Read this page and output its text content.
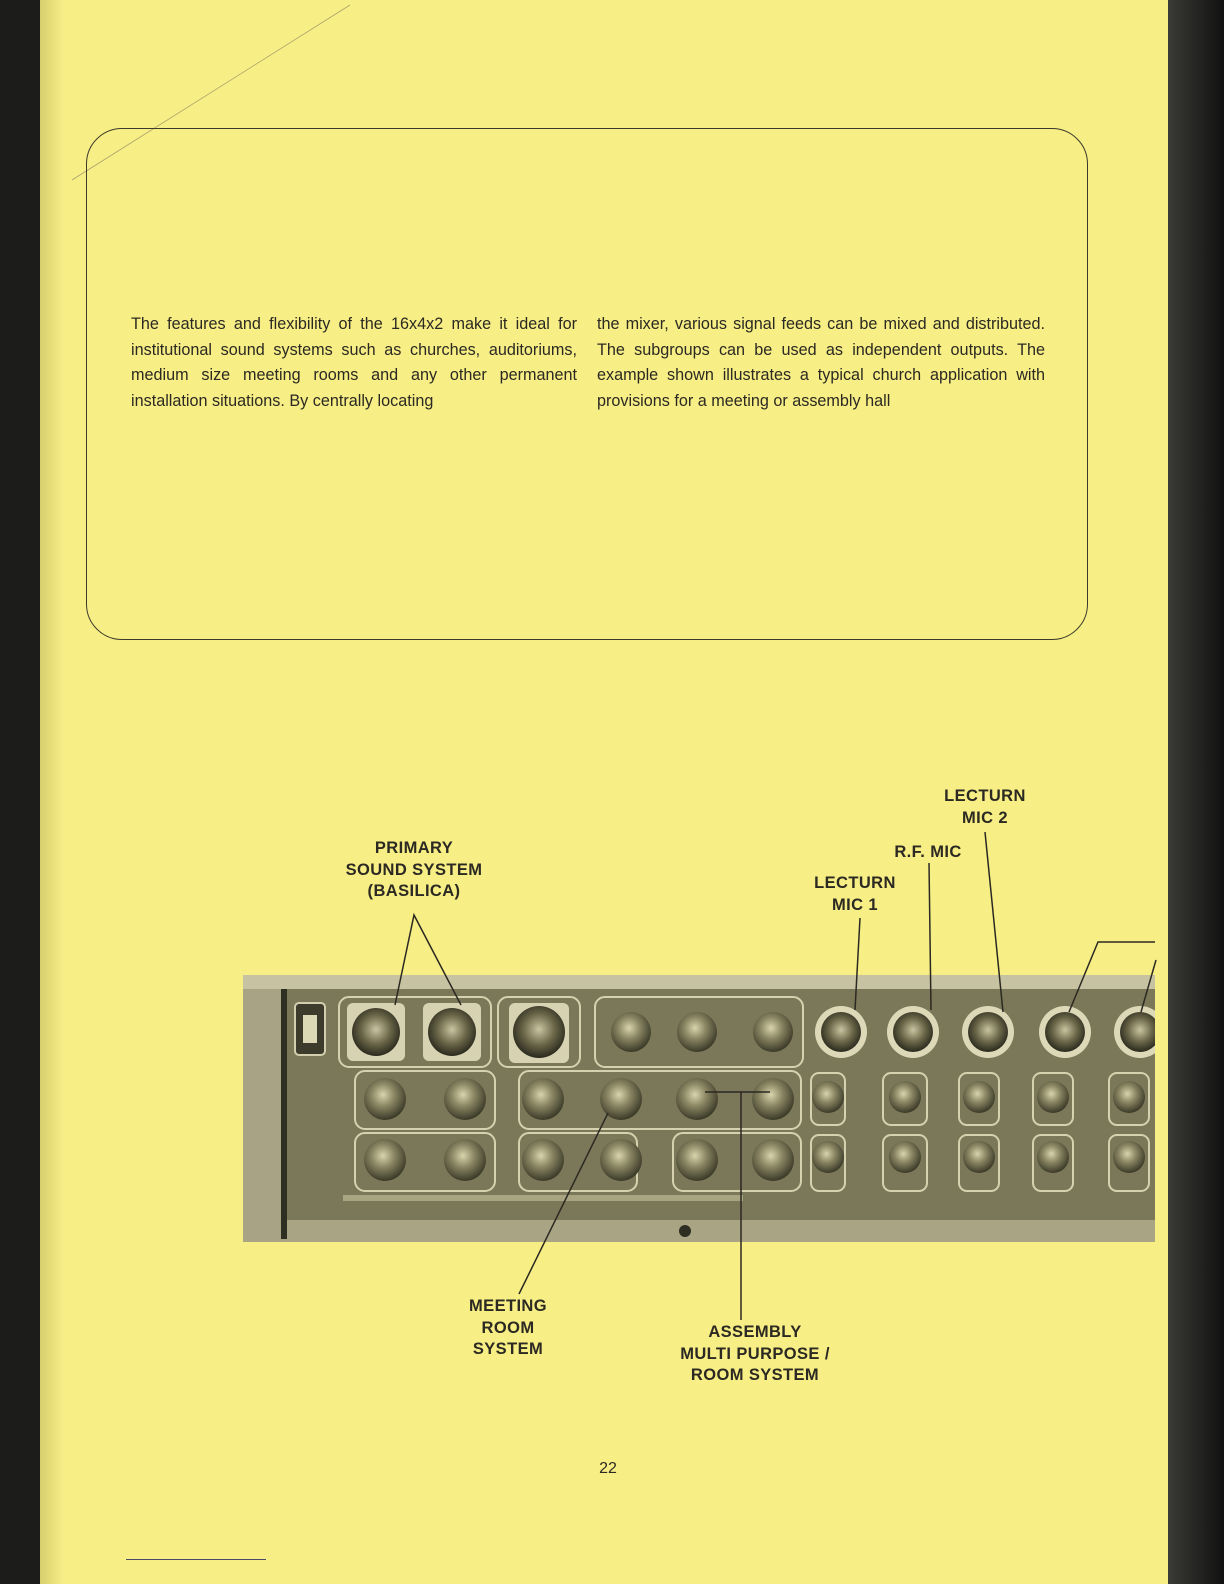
The features and flexibility of the 16x4x2 make it ideal for institutional sound systems such as churches, auditoriums, medium size meeting rooms and any other permanent installation situations. By centrally locating
the mixer, various signal feeds can be mixed and distributed. The subgroups can be used as independent outputs. The example shown illustrates a typical church application with provisions for a meeting or assembly hall
PRIMARY
SOUND SYSTEM
(BASILICA)
LECTURN
MIC 2
R.F. MIC
LECTURN
MIC 1
MEETING
ROOM
SYSTEM
ASSEMBLY
MULTI PURPOSE /
ROOM SYSTEM
22
